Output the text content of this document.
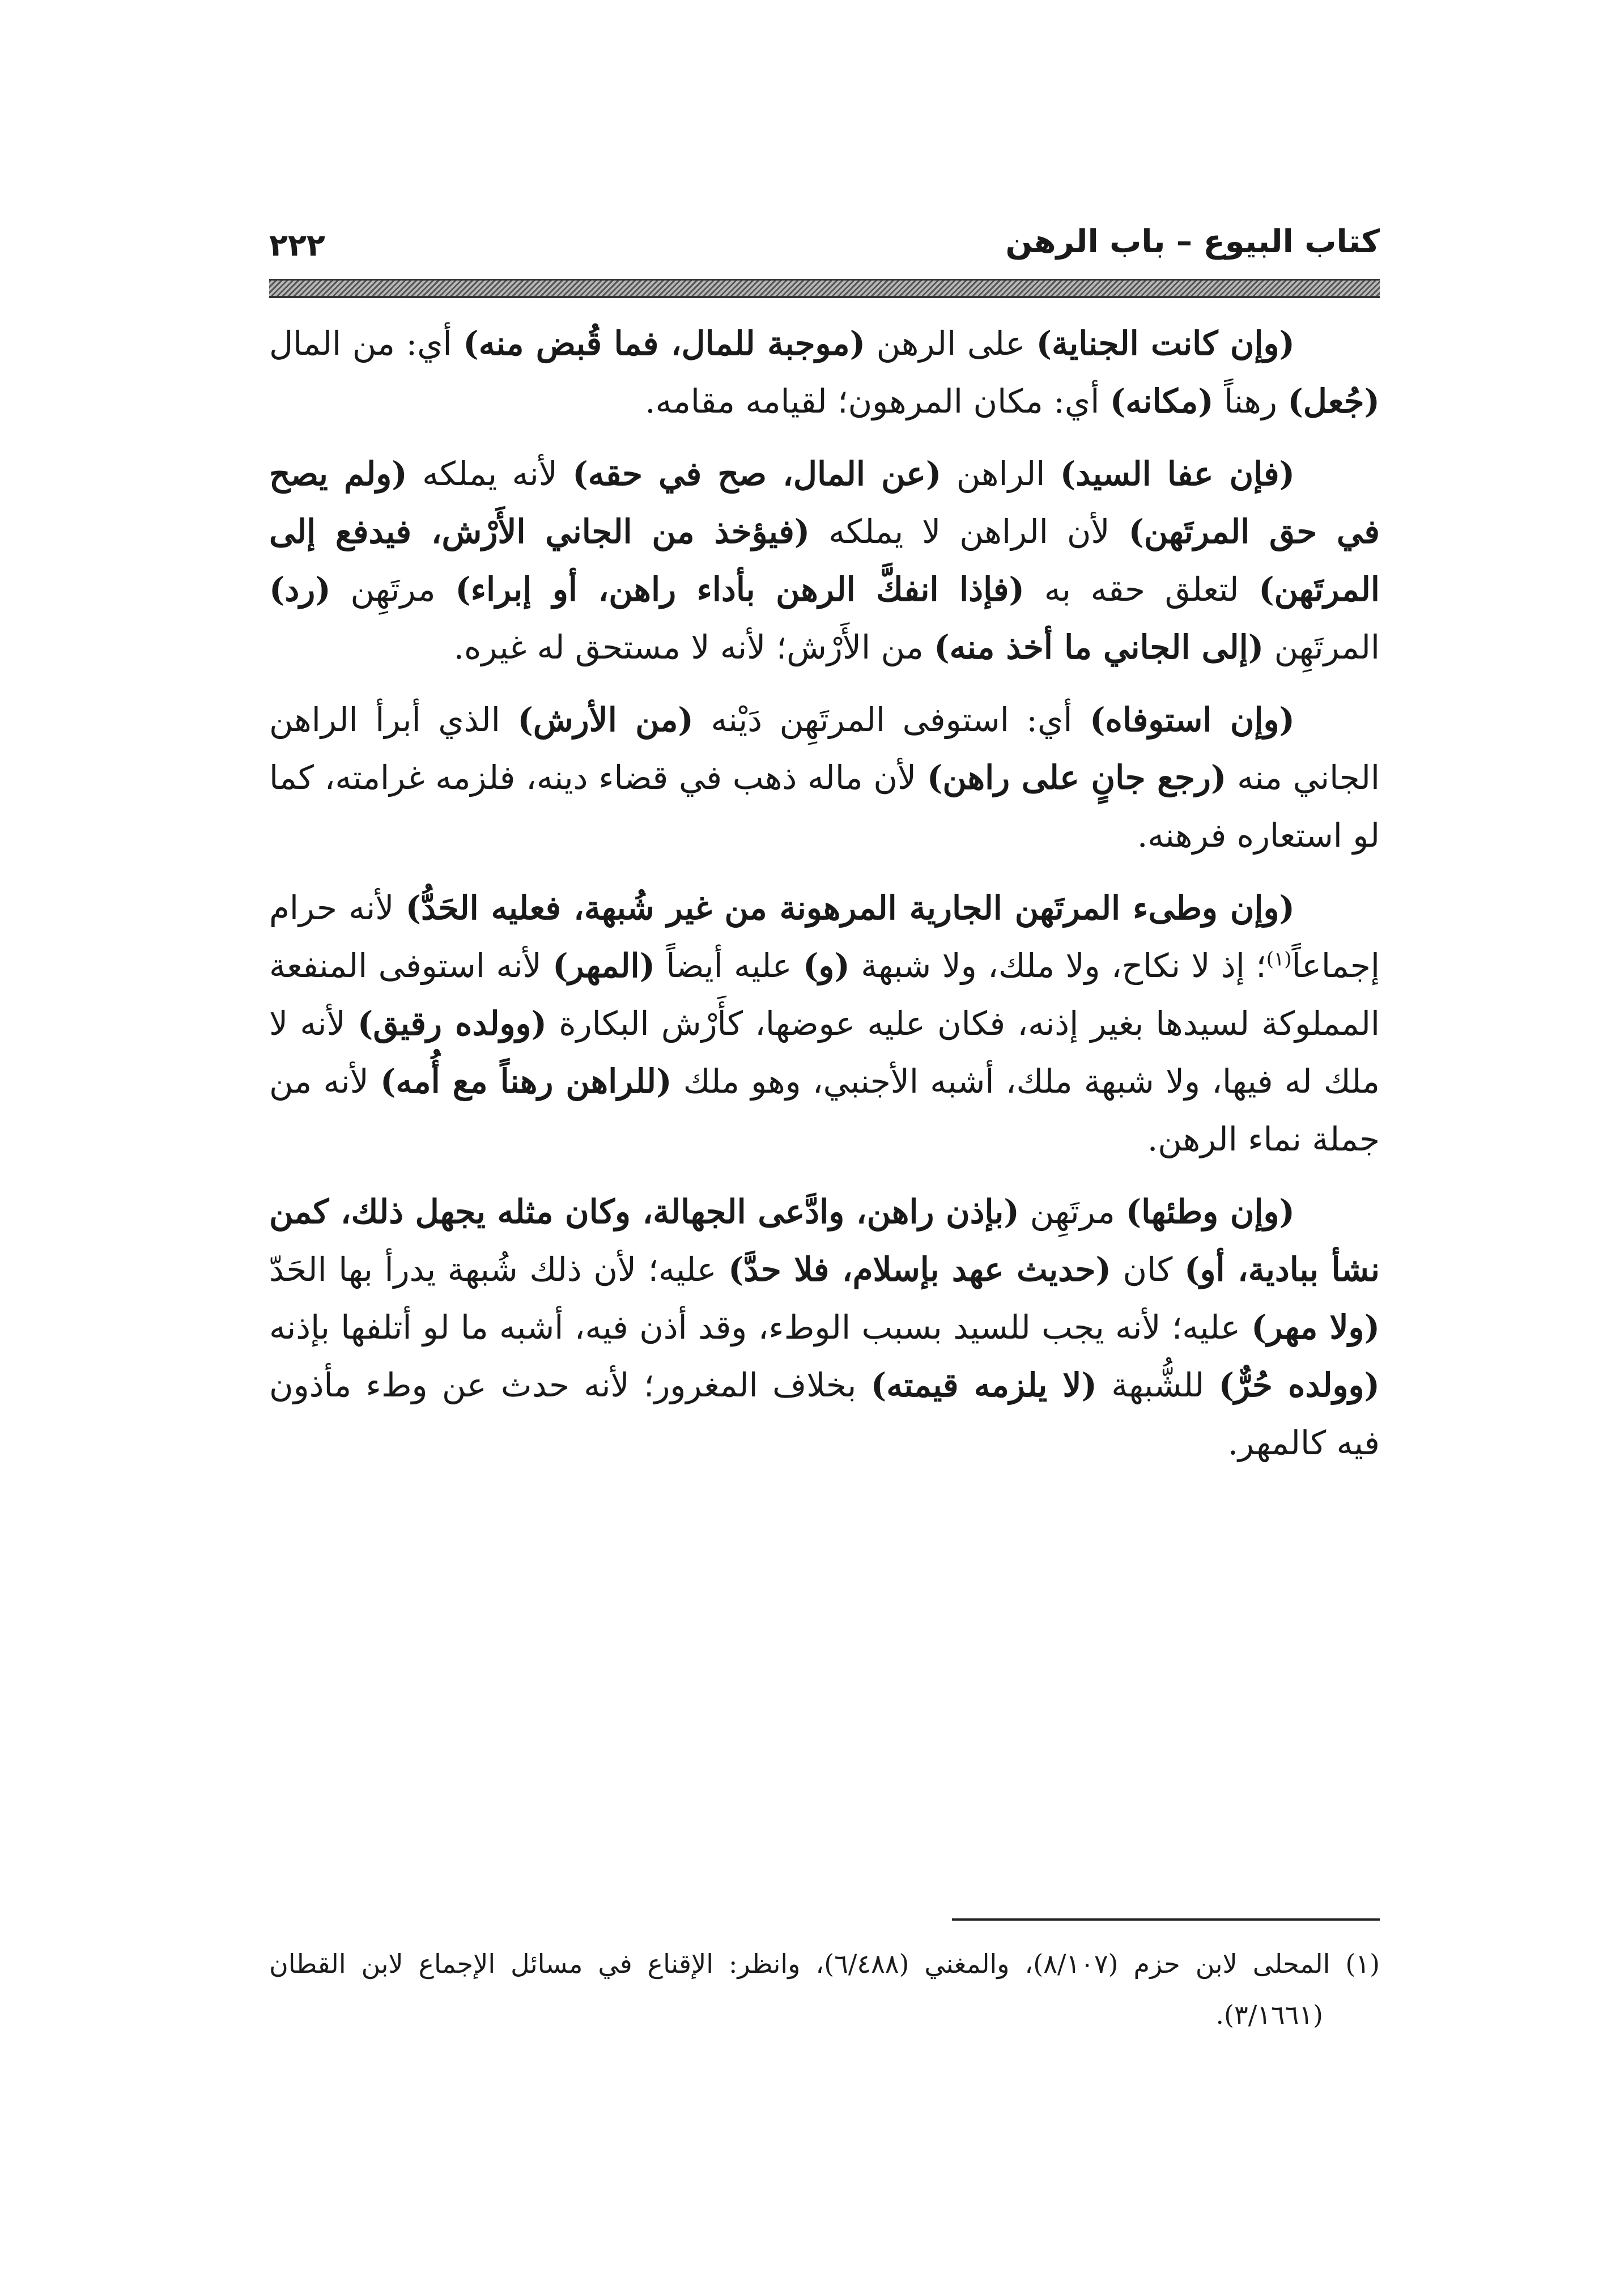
كتاب البيوع – باب الرهن
٢٢٢

(وإن كانت الجناية) على الرهن (موجبة للمال، فما قُبض منه) أي: من المال (جُعل) رهناً (مكانه) أي: مكان المرهون؛ لقيامه مقامه.

(فإن عفا السيد) الراهن (عن المال، صح في حقه) لأنه يملكه (ولم يصح في حق المرتَهن) لأن الراهن لا يملكه (فيؤخذ من الجاني الأَرْش، فيدفع إلى المرتَهن) لتعلق حقه به (فإذا انفكَّ الرهن بأداء راهن، أو إبراء) مرتَهِن (رد) المرتَهِن (إلى الجاني ما أخذ منه) من الأَرْش؛ لأنه لا مستحق له غيره.

(وإن استوفاه) أي: استوفى المرتَهِن دَيْنه (من الأرش) الذي أبرأ الراهن الجاني منه (رجع جانٍ على راهن) لأن ماله ذهب في قضاء دينه، فلزمه غرامته، كما لو استعاره فرهنه.

(وإن وطىء المرتَهن الجارية المرهونة من غير شُبهة، فعليه الحَدُّ) لأنه حرام إجماعاً$^{(١)}$؛ إذ لا نكاح، ولا ملك، ولا شبهة (و) عليه أيضاً (المهر) لأنه استوفى المنفعة المملوكة لسيدها بغير إذنه، فكان عليه عوضها، كأَرْش البكارة (وولده رقيق) لأنه لا ملك له فيها، ولا شبهة ملك، أشبه الأجنبي، وهو ملك (للراهن رهناً مع أُمه) لأنه من جملة نماء الرهن.

(وإن وطئها) مرتَهِن (بإذن راهن، وادَّعى الجهالة، وكان مثله يجهل ذلك، كمن نشأ ببادية، أو) كان (حديث عهد بإسلام، فلا حدَّ) عليه؛ لأن ذلك شُبهة يدرأ بها الحَدّ (ولا مهر) عليه؛ لأنه يجب للسيد بسبب الوطء، وقد أذن فيه، أشبه ما لو أتلفها بإذنه (وولده حُرٌّ) للشُّبهة (لا يلزمه قيمته) بخلاف المغرور؛ لأنه حدث عن وطء مأذون فيه كالمهر.

(١) المحلى لابن حزم (٨/١٠٧)، والمغني (٦/٤٨٨)، وانظر: الإقناع في مسائل الإجماع لابن القطان (٣/١٦٦١).
